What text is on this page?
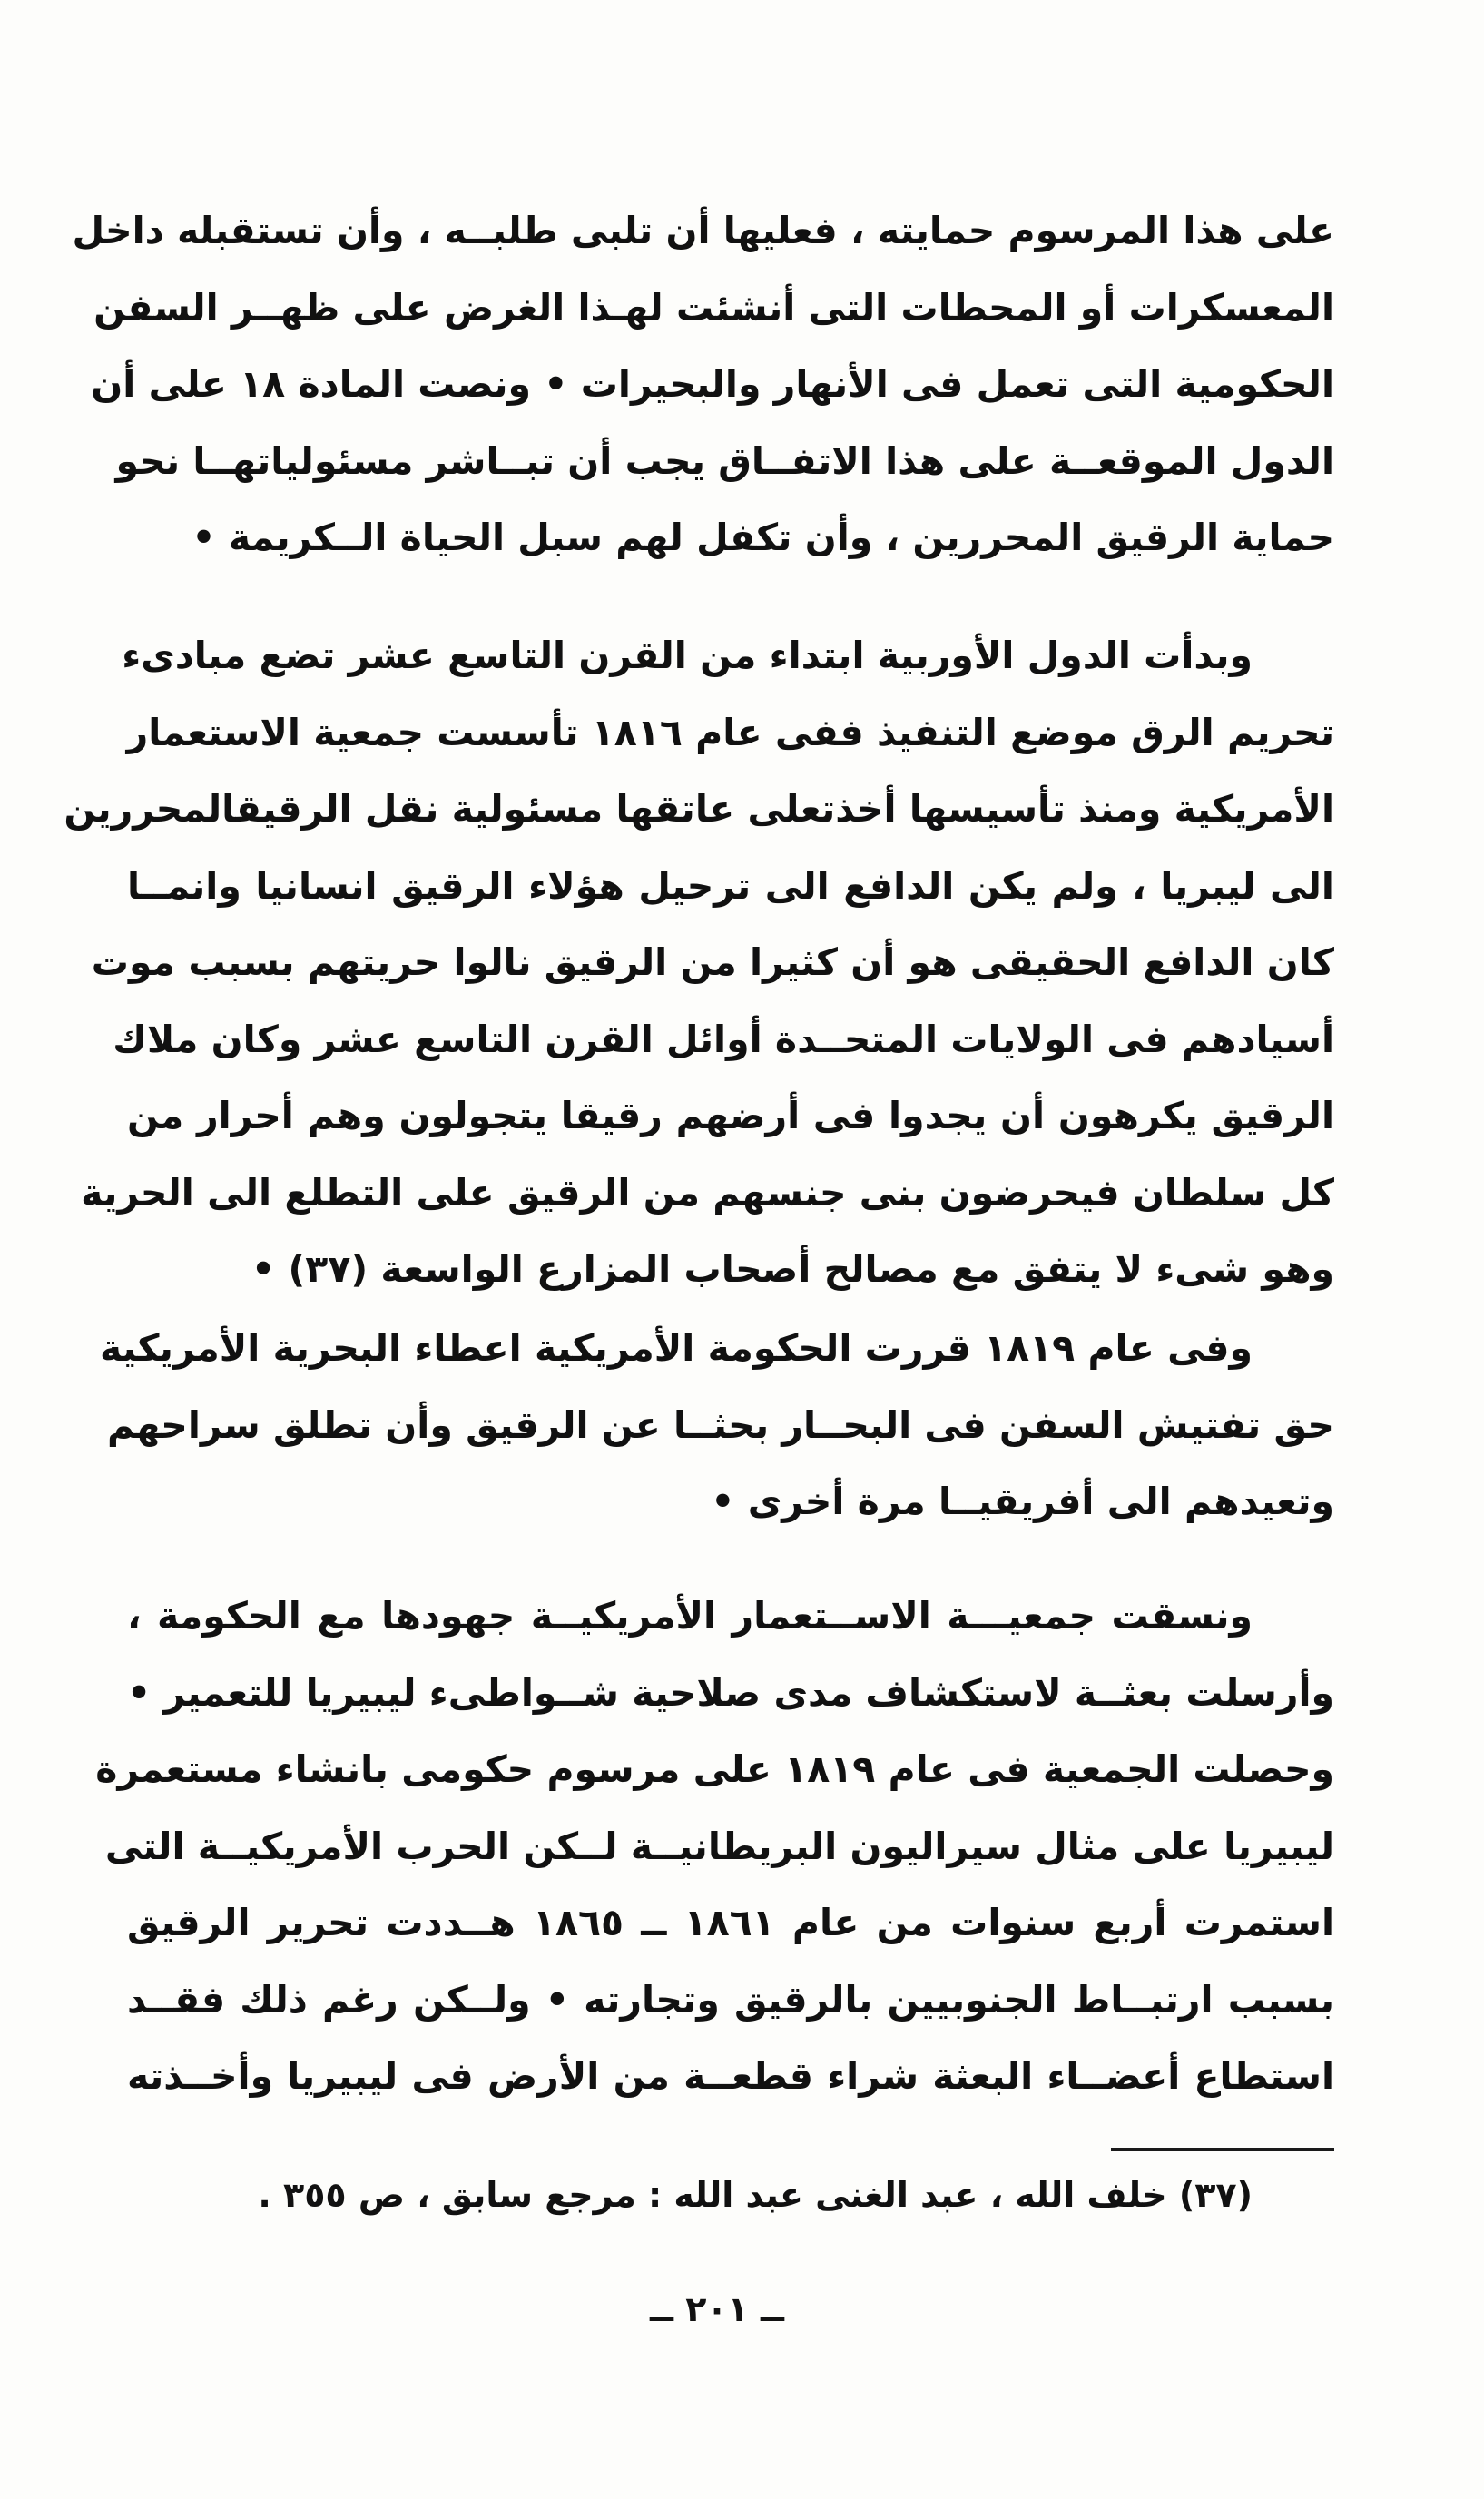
على هذا المرسوم حمايته ، فعليها أن تلبى طلبــه ، وأن تستقبله داخل
المعسكرات أو المحطات التى أنشئت لهـذا الغرض على ظهــر السفن
الحكومية التى تعمل فى الأنهار والبحيرات • ونصت المادة ١٨ على أن
الدول الموقعــة على هذا الاتفــاق يجب أن تبــاشر مسئولياتهــا نحو
حماية الرقيق المحررين ، وأن تكفل لهم سبل الحياة الــكريمة •
وبدأت الدول الأوربية ابتداء من القرن التاسع عشر تضع مبادىء
تحريم الرق موضع التنفيذ ففى عام ١٨١٦ تأسست جمعية الاستعمار
الأمريكية ومنذ تأسيسها أخذتعلى عاتقها مسئولية نقل الرقيقالمحررين
الى ليبريا ، ولم يكن الدافع الى ترحيل هؤلاء الرقيق انسانيا وانمــا
كان الدافع الحقيقى هو أن كثيرا من الرقيق نالوا حريتهم بسبب موت
أسيادهم فى الولايات المتحــدة أوائل القرن التاسع عشر وكان ملاك
الرقيق يكرهون أن يجدوا فى أرضهم رقيقا يتجولون وهم أحرار من
كل سلطان فيحرضون بنى جنسهم من الرقيق على التطلع الى الحرية
وهو شىء لا يتفق مع مصالح أصحاب المزارع الواسعة (٣٧) •
وفى عام ١٨١٩ قررت الحكومة الأمريكية اعطاء البحرية الأمريكية
حق تفتيش السفن فى البحــار بحثــا عن الرقيق وأن تطلق سراحهم
وتعيدهم الى أفريقيــا مرة أخرى •
ونسقت جمعيـــة الاســتعمار الأمريكيــة جهودها مع الحكومة ،
وأرسلت بعثــة لاستكشاف مدى صلاحية شــواطىء ليبيريا للتعمير •
وحصلت الجمعية فى عام ١٨١٩ على مرسوم حكومى بانشاء مستعمرة
ليبيريا على مثال سيراليون البريطانيــة لــكن الحرب الأمريكيــة التى
استمرت أربع سنوات من عام ١٨٦١ ــ ١٨٦٥ هــددت تحرير الرقيق
بسبب ارتبــاط الجنوبيين بالرقيق وتجارته • ولــكن رغم ذلك فقــد
استطاع أعضــاء البعثة شراء قطعــة من الأرض فى ليبيريا وأخــذته
(٣٧) خلف الله ، عبد الغنى عبد الله : مرجع سابق ، ص ٣٥٥ .
ــ ٢٠١ ــ
